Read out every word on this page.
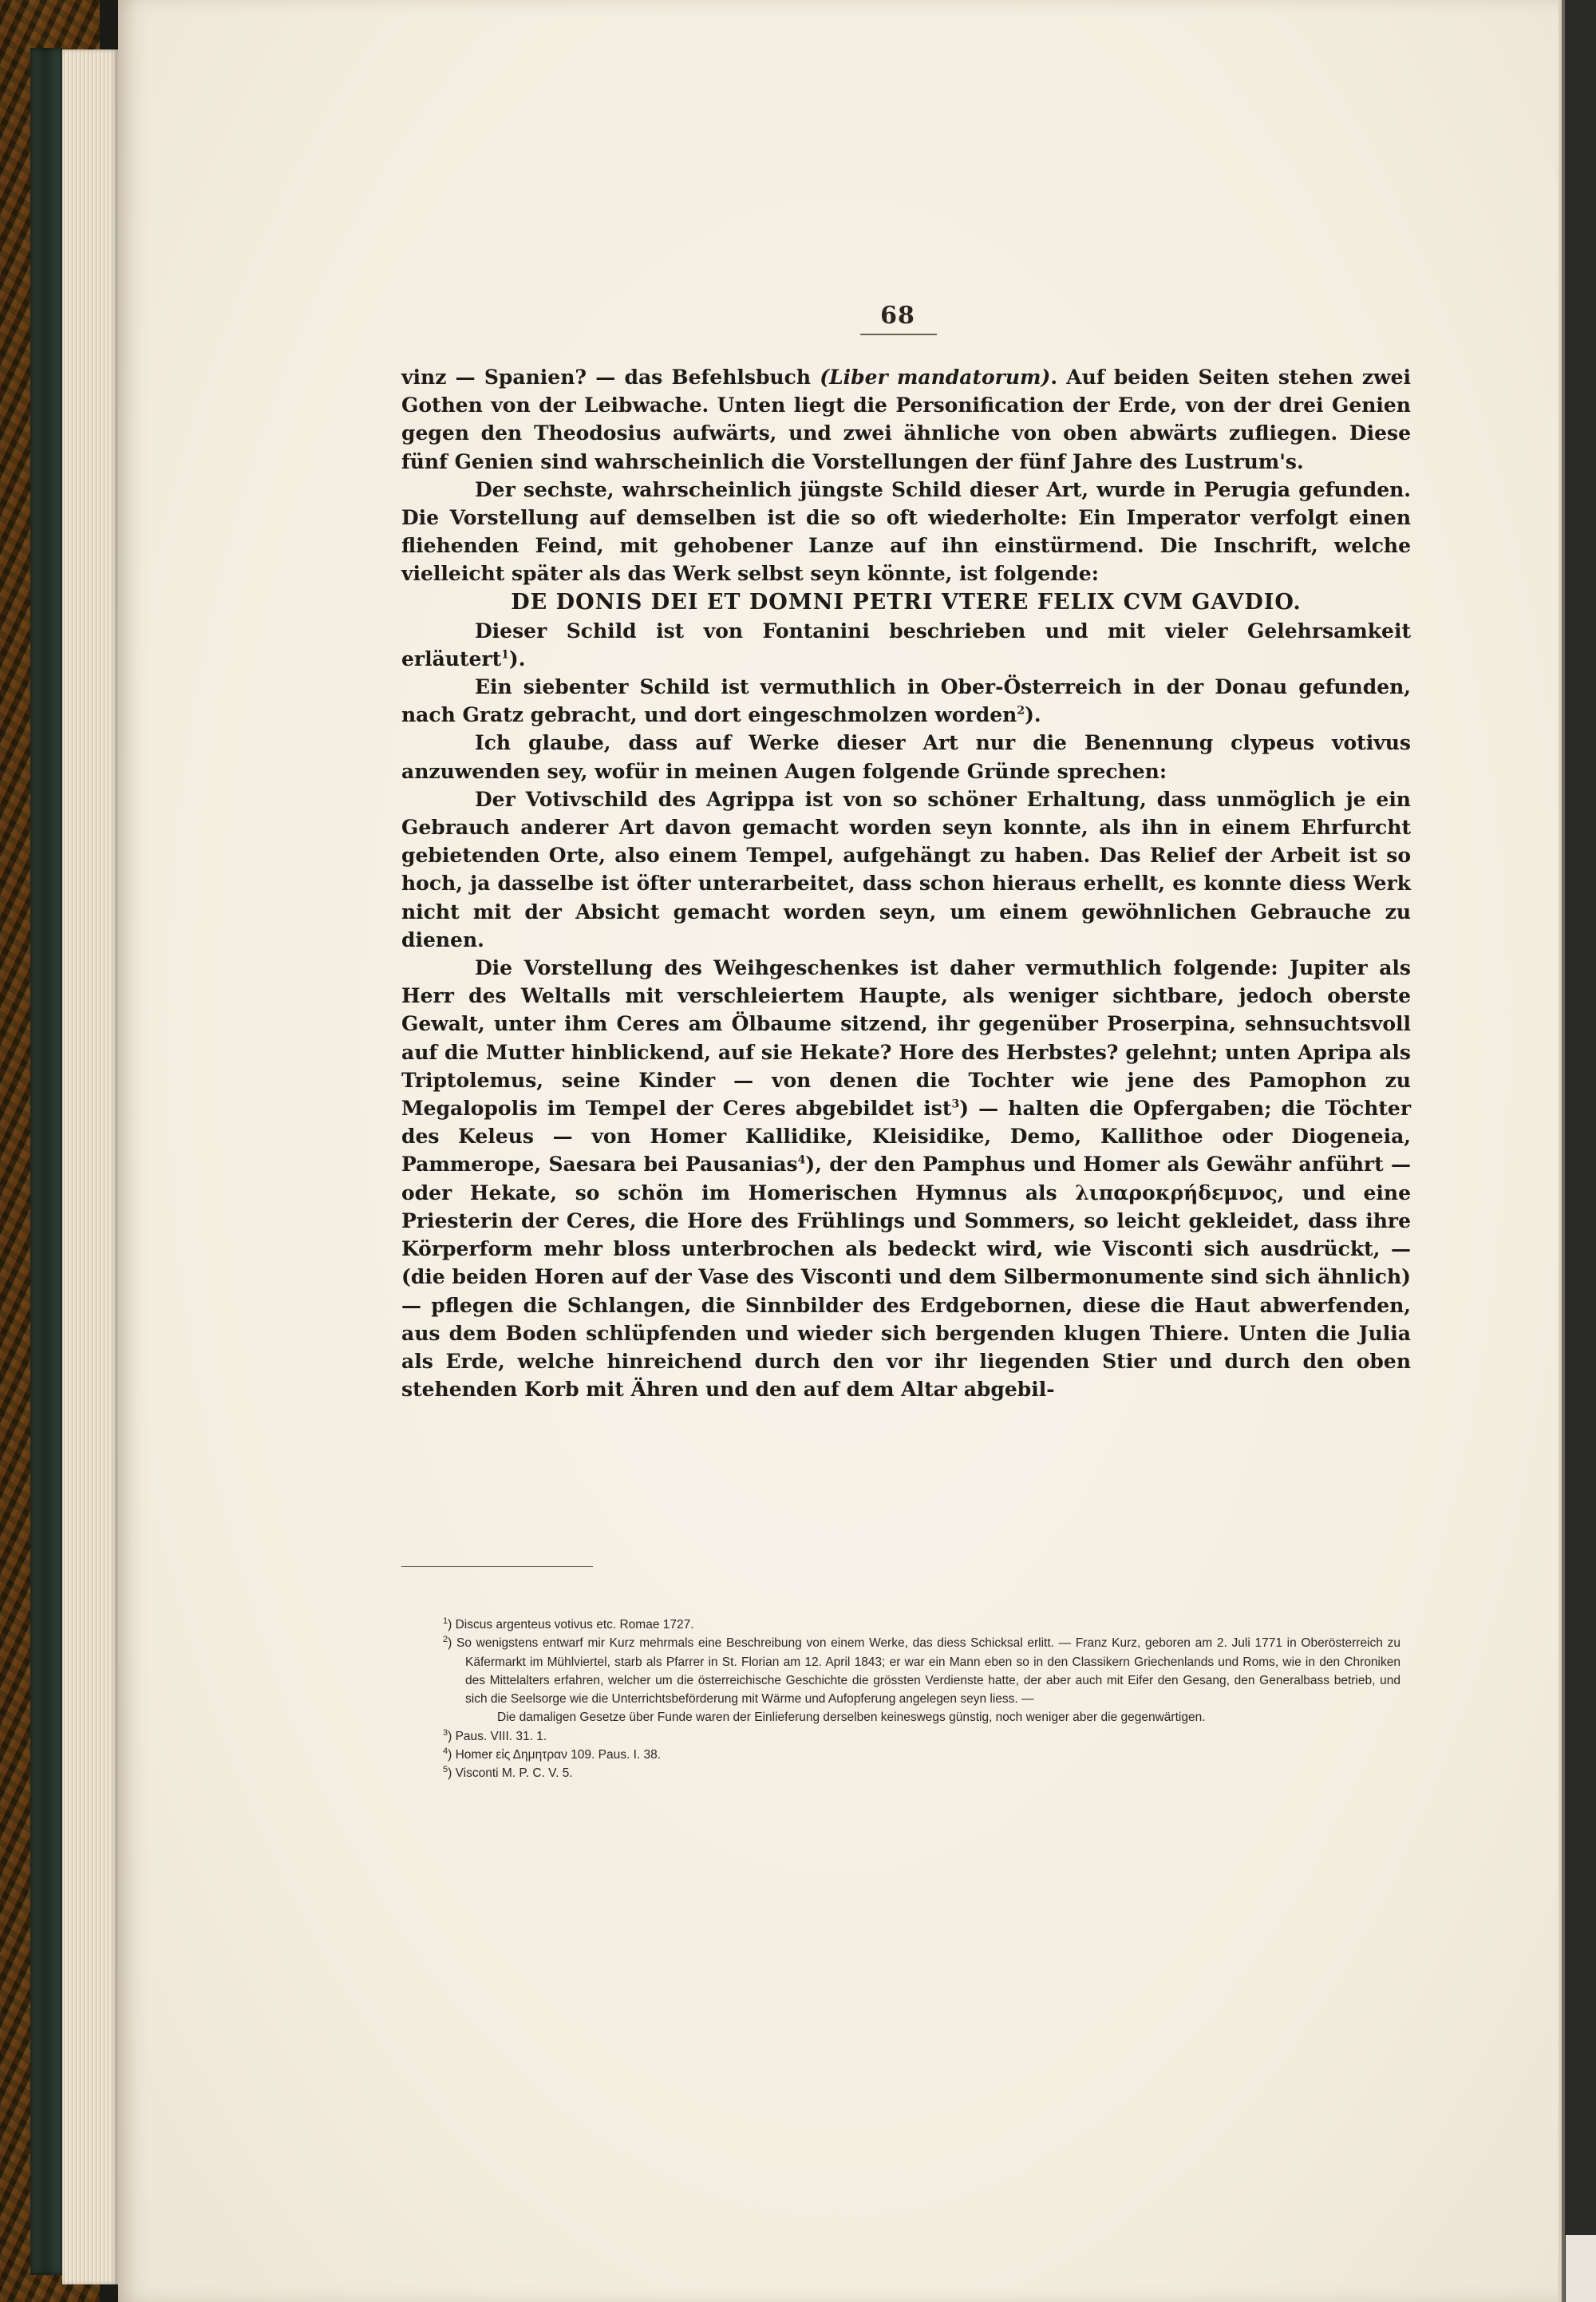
68

vinz — Spanien? — das Befehlsbuch (Liber mandatorum). Auf beiden Seiten stehen zwei Gothen von der Leibwache. Unten liegt die Personification der Erde, von der drei Genien gegen den Theodosius aufwärts, und zwei ähnliche von oben abwärts zufliegen. Diese fünf Genien sind wahrscheinlich die Vorstellungen der fünf Jahre des Lustrum's.

Der sechste, wahrscheinlich jüngste Schild dieser Art, wurde in Perugia gefunden. Die Vorstellung auf demselben ist die so oft wiederholte: Ein Imperator verfolgt einen fliehenden Feind, mit gehobener Lanze auf ihn einstürmend. Die Inschrift, welche vielleicht später als das Werk selbst seyn könnte, ist folgende:

DE DONIS DEI ET DOMNI PETRI VTERE FELIX CVM GAVDIO.

Dieser Schild ist von Fontanini beschrieben und mit vieler Gelehrsamkeit erläutert$^1$).

Ein siebenter Schild ist vermuthlich in Ober-Österreich in der Donau gefunden, nach Gratz gebracht, und dort eingeschmolzen worden$^2$).

Ich glaube, dass auf Werke dieser Art nur die Benennung clypeus votivus anzuwenden sey, wofür in meinen Augen folgende Gründe sprechen:

Der Votivschild des Agrippa ist von so schöner Erhaltung, dass unmöglich je ein Gebrauch anderer Art davon gemacht worden seyn konnte, als ihn in einem Ehrfurcht gebietenden Orte, also einem Tempel, aufgehängt zu haben. Das Relief der Arbeit ist so hoch, ja dasselbe ist öfter unterarbeitet, dass schon hieraus erhellt, es konnte diess Werk nicht mit der Absicht gemacht worden seyn, um einem gewöhnlichen Gebrauche zu dienen.

Die Vorstellung des Weihgeschenkes ist daher vermuthlich folgende: Jupiter als Herr des Weltalls mit verschleiertem Haupte, als weniger sichtbare, jedoch oberste Gewalt, unter ihm Ceres am Ölbaume sitzend, ihr gegenüber Proserpina, sehnsuchtsvoll auf die Mutter hinblickend, auf sie Hekate? Hore des Herbstes? gelehnt; unten Apripa als Triptolemus, seine Kinder — von denen die Tochter wie jene des Pamophon zu Megalopolis im Tempel der Ceres abgebildet ist$^3$) — halten die Opfergaben; die Töchter des Keleus — von Homer Kallidike, Kleisidike, Demo, Kallithoe oder Diogeneia, Pammerope, Saesara bei Pausanias$^4$), der den Pamphus und Homer als Gewähr anführt — oder Hekate, so schön im Homerischen Hymnus als λιπαροκρήδεμνος, und eine Priesterin der Ceres, die Hore des Frühlings und Sommers, so leicht gekleidet, dass ihre Körperform mehr bloss unterbrochen als bedeckt wird, wie Visconti sich ausdrückt, — (die beiden Horen auf der Vase des Visconti und dem Silbermonumente sind sich ähnlich) — pflegen die Schlangen, die Sinnbilder des Erdgebornen, diese die Haut abwerfenden, aus dem Boden schlüpfenden und wieder sich bergenden klugen Thiere. Unten die Julia als Erde, welche hinreichend durch den vor ihr liegenden Stier und durch den oben stehenden Korb mit Ähren und den auf dem Altar abgebil-

$^1$) Discus argenteus votivus etc. Romae 1727.

$^2$) So wenigstens entwarf mir Kurz mehrmals eine Beschreibung von einem Werke, das diess Schicksal erlitt. — Franz Kurz, geboren am 2. Juli 1771 in Oberösterreich zu Käfermarkt im Mühlviertel, starb als Pfarrer in St. Florian am 12. April 1843; er war ein Mann eben so in den Classikern Griechenlands und Roms, wie in den Chroniken des Mittelalters erfahren, welcher um die österreichische Geschichte die grössten Verdienste hatte, der aber auch mit Eifer den Gesang, den Generalbass betrieb, und sich die Seelsorge wie die Unterrichtsbeförderung mit Wärme und Aufopferung angelegen seyn liess. —

Die damaligen Gesetze über Funde waren der Einlieferung derselben keineswegs günstig, noch weniger aber die gegenwärtigen.

$^3$) Paus. VIII. 31. 1.

$^4$) Homer εἰς Δημητραν 109. Paus. I. 38.

$^5$) Visconti M. P. C. V. 5.
